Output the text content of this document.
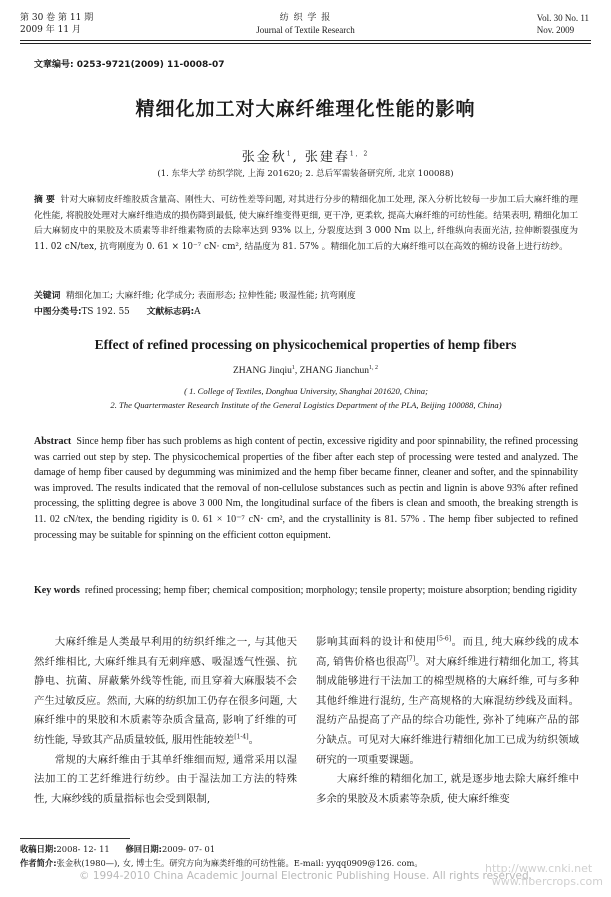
第 30 卷 第 11 期
2009 年 11 月
纺 织 学 报
Journal of Textile Research
Vol. 30 No. 11
Nov. 2009
文章编号: 0253-9721(2009) 11-0008-07
精细化加工对大麻纤维理化性能的影响
张金秋$^1$, 张建春$^{1, 2}$
(1. 东华大学 纺织学院, 上海 201620; 2. 总后军需装备研究所, 北京 100088)
摘 要 针对大麻韧皮纤维胶质含量高、刚性大、可纺性差等问题, 对其进行分步的精细化加工处理, 深入分析比较每一步加工后大麻纤维的理化性能, 将脱胶处理对大麻纤维造成的损伤降到最低, 使大麻纤维变得更细, 更干净, 更柔软, 提高大麻纤维的可纺性能。结果表明, 精细化加工后大麻韧皮中的果胶及木质素等非纤维素物质的去除率达到 93% 以上, 分裂度达到 3 000 Nm 以上, 纤维纵向表面光洁, 拉伸断裂强度为 11. 02 cN/tex, 抗弯刚度为 0. 61 × 10⁻⁷ cN· cm², 结晶度为 81. 57% 。精细化加工后的大麻纤维可以在高效的棉纺设备上进行纺纱。
关键词 精细化加工; 大麻纤维; 化学成分; 表面形态; 拉伸性能; 吸湿性能; 抗弯刚度
中图分类号:TS 192. 55 文献标志码:A
Effect of refined processing on physicochemical properties of hemp fibers
ZHANG Jinqiu$^1$, ZHANG Jianchun$^{1, 2}$
( 1. College of Textiles, Donghua University, Shanghai 201620, China;
2. The Quartermaster Research Institute of the General Logistics Department of the PLA, Beijing 100088, China)
Abstract Since hemp fiber has such problems as high content of pectin, excessive rigidity and poor spinnability, the refined processing was carried out step by step. The physicochemical properties of the fiber after each step of processing were tested and analyzed. The damage of hemp fiber caused by degumming was minimized and the hemp fiber became finner, cleaner and softer, and the spinnability was improved. The results indicated that the removal of non-cellulose substances such as pectin and lignin is above 93% after refined processing, the splitting degree is above 3 000 Nm, the longitudinal surface of the fibers is clean and smooth, the breaking strength is 11. 02 cN/tex, the bending rigidity is 0. 61 × 10⁻⁷ cN· cm², and the crystallinity is 81. 57% . The hemp fiber subjected to refined processing may be suitable for spinning on the efficient cotton equipment.
Key words refined processing; hemp fiber; chemical composition; morphology; tensile property; moisture absorption; bending rigidity

大麻纤维是人类最早利用的纺织纤维之一, 与其他天然纤维相比, 大麻纤维具有无刺痒感、吸湿透气性强、抗静电、抗菌、屏蔽紫外线等性能, 而且穿着大麻服装不会产生过敏反应。然而, 大麻的纺织加工仍存在很多问题, 大麻纤维中的果胶和木质素等杂质含量高, 影响了纤维的可纺性能, 导致其产品质量较低, 服用性能较差[1-4]。

常规的大麻纤维由于其单纤维细而短, 通常采用以湿法加工的工艺纤维进行纺纱。由于湿法加工方法的特殊性, 大麻纱线的质量指标也会受到限制,

影响其面料的设计和使用[5-6]。而且, 纯大麻纱线的成本高, 销售价格也很高[7]。对大麻纤维进行精细化加工, 将其制成能够进行干法加工的棉型规格的大麻纤维, 可与多种其他纤维进行混纺, 生产高规格的大麻混纺纱线及面料。混纺产品提高了产品的综合功能性, 弥补了纯麻产品的部分缺点。可见对大麻纤维进行精细化加工已成为纺织领域研究的一项重要课题。

大麻纤维的精细化加工, 就是逐步地去除大麻纤维中多余的果胶及木质素等杂质, 使大麻纤维变

收稿日期:2008- 12- 11 修回日期:2009- 07- 01
作者简介:张金秋(1980—), 女, 博士生。研究方向为麻类纤维的可纺性能。E-mail: yyqq0909@126. com。
© 1994-2010 China Academic Journal Electronic Publishing House. All rights reserved.
http://www.cnki.net
www.fibercrops.com
